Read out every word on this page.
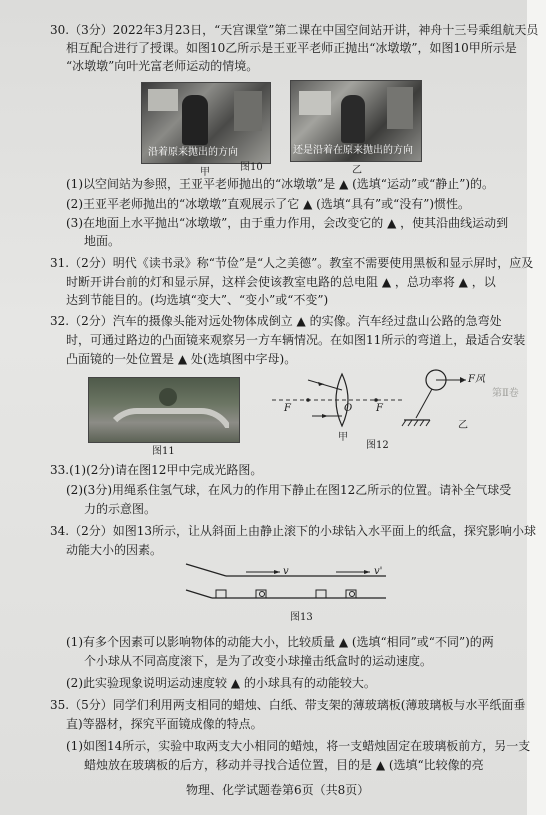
30.（3分）2022年3月23日，“天宫课堂”第二课在中国空间站开讲，神舟十三号乘组航天员
相互配合进行了授课。如图10乙所示是王亚平老师正抛出“冰墩墩”，如图10甲所示是
“冰墩墩”向叶光富老师运动的情境。
沿着原来抛出的方向	还是沿着在原来抛出的方向
甲	图10	乙
(1)以空间站为参照，王亚平老师抛出的“冰墩墩”是 ▲ (选填“运动”或“静止”)的。
(2)王亚平老师抛出的“冰墩墩”直观展示了它 ▲ (选填“具有”或“没有”)惯性。
(3)在地面上水平抛出“冰墩墩”，由于重力作用，会改变它的 ▲ ，使其沿曲线运动到
地面。
31.（2分）明代《读书录》称“节俭”是“人之美德”。教室不需要使用黑板和显示屏时，应及
时断开讲台前的灯和显示屏，这样会使该教室电路的总电阻 ▲ ，总功率将 ▲ ，以
达到节能目的。(均选填“变大”、“变小”或“不变”)
32.（2分）汽车的摄像头能对远处物体成倒立 ▲ 的实像。汽车经过盘山公路的急弯处
时，可通过路边的凸面镜来观察另一方车辆情况。在如图11所示的弯道上，最适合安装
凸面镜的一处位置是 ▲ 处(选填图中字母)。
图11
F	O F
甲
图12
F风
乙
第Ⅱ卷
33.(1)(2分)请在图12甲中完成光路图。
(2)(3分)用绳系住氢气球，在风力的作用下静止在图12乙所示的位置。请补全气球受
力的示意图。
34.（2分）如图13所示，让从斜面上由静止滚下的小球钻入水平面上的纸盒，探究影响小球
动能大小的因素。
v	v'
图13
(1)有多个因素可以影响物体的动能大小，比较质量 ▲ (选填“相同”或“不同”)的两
个小球从不同高度滚下，是为了改变小球撞击纸盒时的运动速度。
(2)此实验现象说明运动速度较 ▲ 的小球具有的动能较大。
35.（5分）同学们利用两支相同的蜡烛、白纸、带支架的薄玻璃板(薄玻璃板与水平纸面垂
直)等器材，探究平面镜成像的特点。
(1)如图14所示，实验中取两支大小相同的蜡烛，将一支蜡烛固定在玻璃板前方，另一支
蜡烛放在玻璃板的后方，移动并寻找合适位置，目的是 ▲ (选填“比较像的亮
物理、化学试题卷第6页（共8页）
